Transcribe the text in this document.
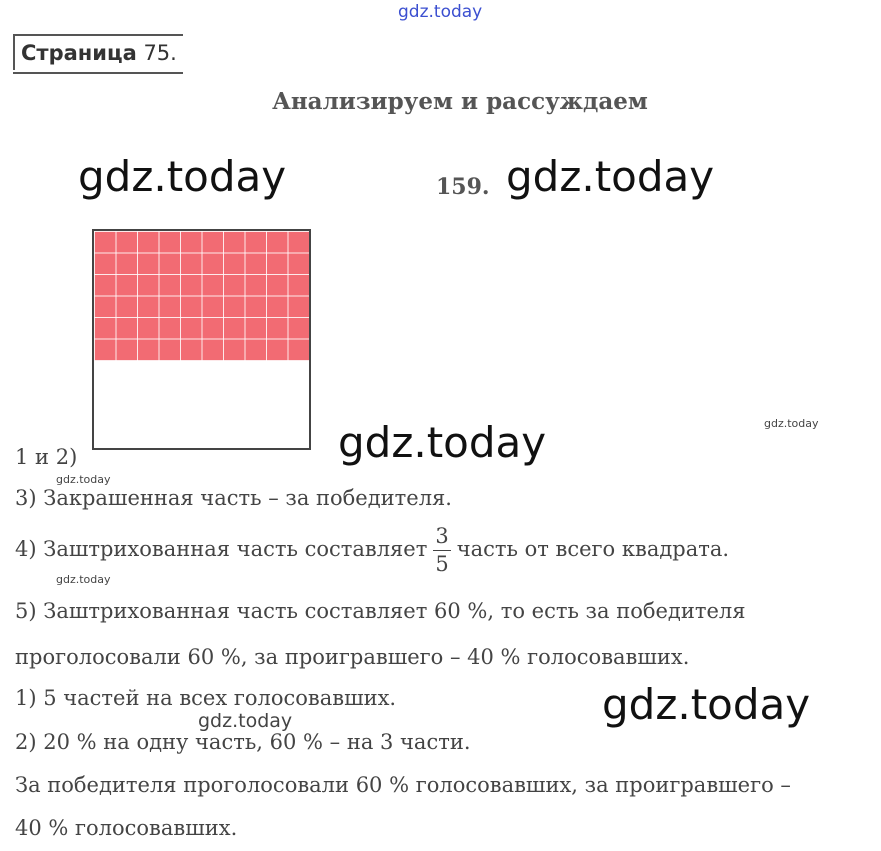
gdz.today
Страница 75.
Анализируем и рассуждаем
gdz.today	159. gdz.today
gdz.today
gdz.today
1 и 2)
gdz.today
3) Закрашенная часть – за победителя.
4) Заштрихованная часть составляет $\frac{3}{5}$ часть от всего квадрата.
gdz.today
5) Заштрихованная часть составляет 60 %, то есть за победителя
проголосовали 60 %, за проигравшего – 40 % голосовавших.
1) 5 частей на всех голосовавших.	gdz.today
gdz.today
2) 20 % на одну часть, 60 % – на 3 части.
За победителя проголосовали 60 % голосовавших, за проигравшего –
40 % голосовавших.
